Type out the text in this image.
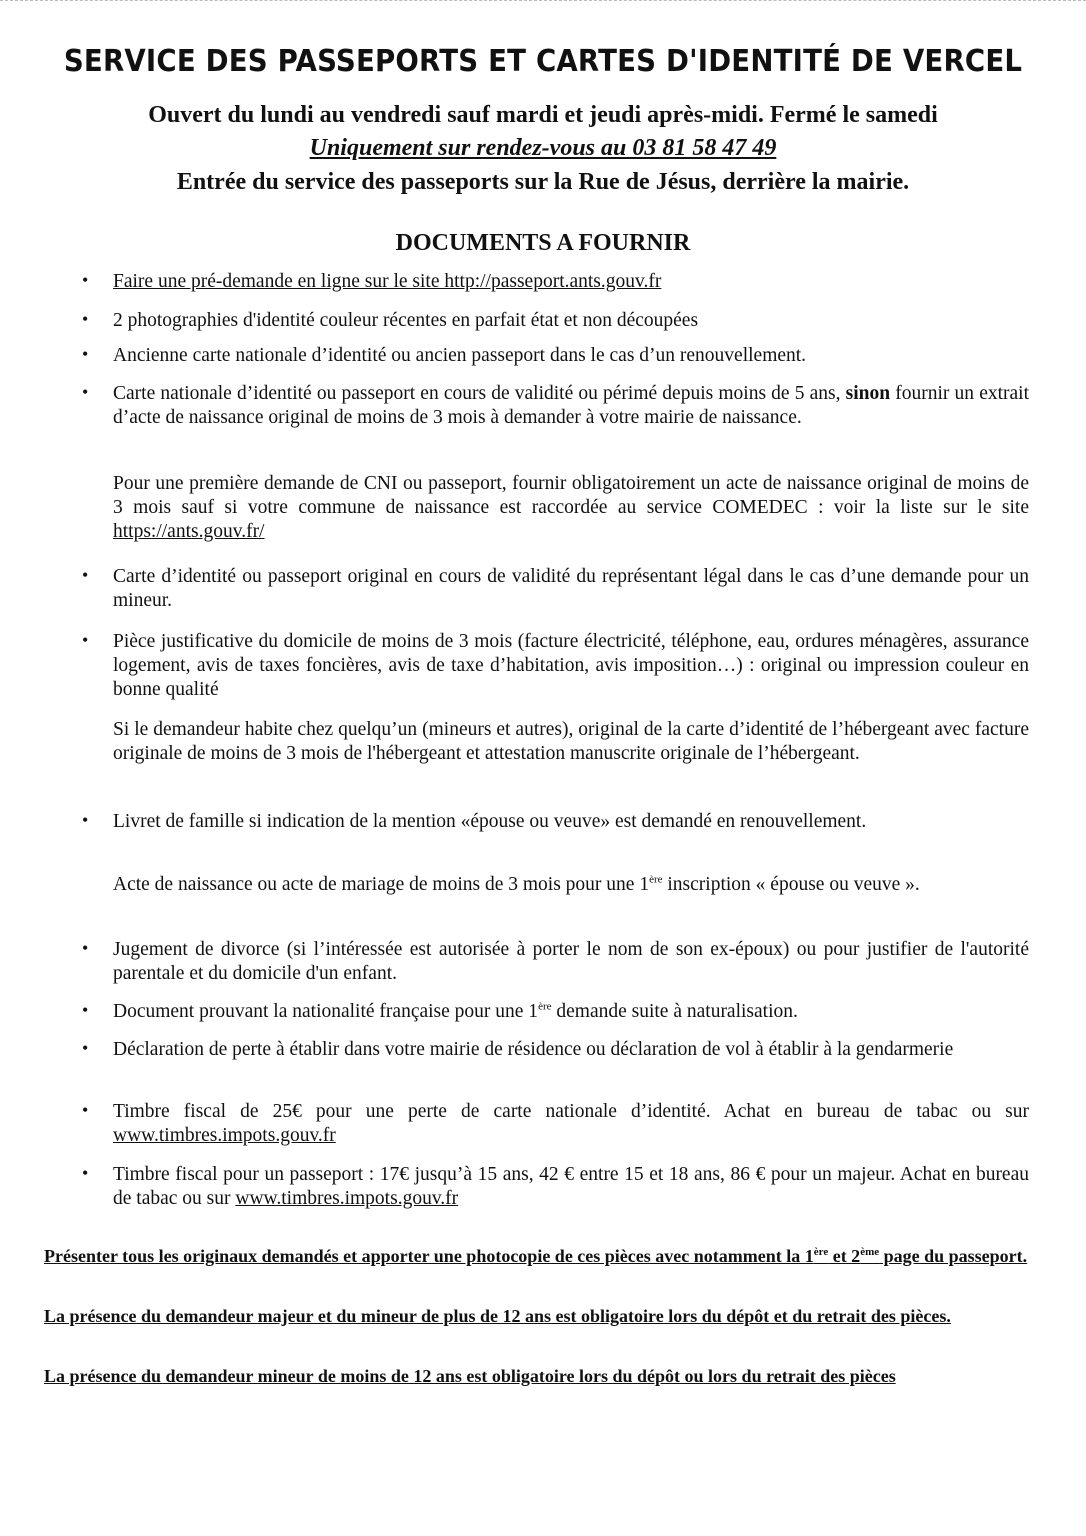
SERVICE DES PASSEPORTS ET CARTES D'IDENTITÉ DE VERCEL

Ouvert du lundi au vendredi sauf mardi et jeudi après-midi. Fermé le samedi

Uniquement sur rendez-vous au 03 81 58 47 49

Entrée du service des passeports sur la Rue de Jésus, derrière la mairie.

DOCUMENTS A FOURNIR
• Faire une pré-demande en ligne sur le site http://passeport.ants.gouv.fr

• 2 photographies d'identité couleur récentes en parfait état et non découpées

• Ancienne carte nationale d’identité ou ancien passeport dans le cas d’un renouvellement.

• Carte nationale d’identité ou passeport en cours de validité ou périmé depuis moins de 5 ans, sinon fournir un extrait d’acte de naissance original de moins de 3 mois à demander à votre mairie de naissance.

Pour une première demande de CNI ou passeport, fournir obligatoirement un acte de naissance original de moins de 3 mois sauf si votre commune de naissance est raccordée au service COMEDEC : voir la liste sur le site https://ants.gouv.fr/

• Carte d’identité ou passeport original en cours de validité du représentant légal dans le cas d’une demande pour un mineur.

• Pièce justificative du domicile de moins de 3 mois (facture électricité, téléphone, eau, ordures ménagères, assurance logement, avis de taxes foncières, avis de taxe d’habitation, avis imposition…) : original ou impression couleur en bonne qualité

Si le demandeur habite chez quelqu’un (mineurs et autres), original de la carte d’identité de l’hébergeant avec facture originale de moins de 3 mois de l'hébergeant et attestation manuscrite originale de l’hébergeant.

• Livret de famille si indication de la mention «épouse ou veuve» est demandé en renouvellement.

Acte de naissance ou acte de mariage de moins de 3 mois pour une 1ère inscription « épouse ou veuve ».

• Jugement de divorce (si l’intéressée est autorisée à porter le nom de son ex-époux) ou pour justifier de l'autorité parentale et du domicile d'un enfant.

• Document prouvant la nationalité française pour une 1ère demande suite à naturalisation.

• Déclaration de perte à établir dans votre mairie de résidence ou déclaration de vol à établir à la gendarmerie

• Timbre fiscal de 25€ pour une perte de carte nationale d’identité. Achat en bureau de tabac ou sur www.timbres.impots.gouv.fr

• Timbre fiscal pour un passeport : 17€ jusqu’à 15 ans, 42 € entre 15 et 18 ans, 86 € pour un majeur. Achat en bureau de tabac ou sur www.timbres.impots.gouv.fr

Présenter tous les originaux demandés et apporter une photocopie de ces pièces avec notamment la 1ère et 2ème page du passeport.

La présence du demandeur majeur et du mineur de plus de 12 ans est obligatoire lors du dépôt et du retrait des pièces.

La présence du demandeur mineur de moins de 12 ans est obligatoire lors du dépôt ou lors du retrait des pièces
